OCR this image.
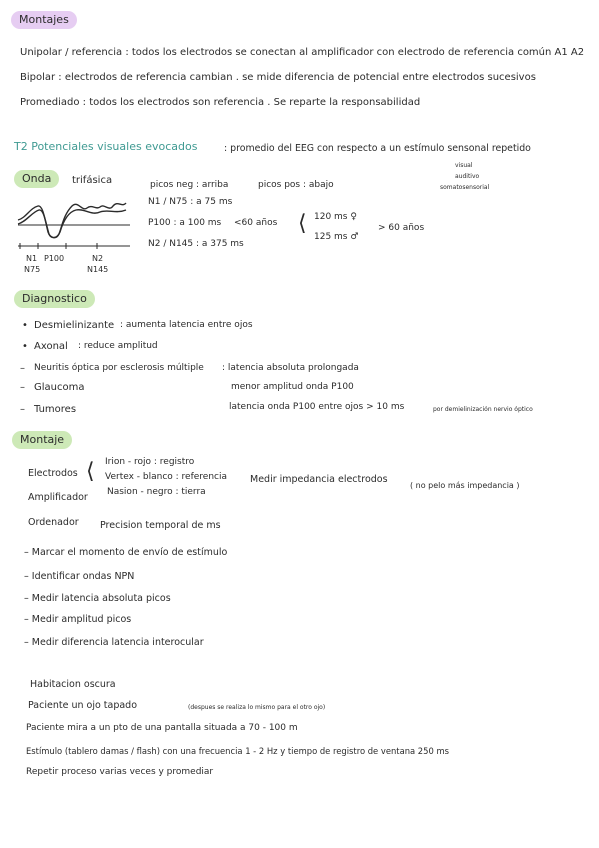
Montajes
Unipolar / referencia : todos los electrodos se conectan al amplificador con electrodo de referencia común A1 A2
Bipolar : electrodos de referencia cambian . se mide diferencia de potencial entre electrodos sucesivos
Promediado : todos los electrodos son referencia . Se reparte la responsabilidad
T2 Potenciales visuales evocados	: promedio del EEG con respecto a un estímulo sensonal repetido
visual
auditivo
somatosensorial
Onda	trifásica
N1 P100	N2
N75	N145
picos neg : arriba	picos pos : abajo
N1 / N75 : a 75 ms
P100 : a 100 ms <60 años ⟨ 120 ms ♀
125 ms ♂
> 60 años
N2 / N145 : a 375 ms
Diagnostico
• Desmielinizante : aumenta latencia entre ojos
• Axonal : reduce amplitud
– Neuritis óptica por esclerosis múltiple : latencia absoluta prolongada
– Glaucoma	menor amplitud onda P100
– Tumores	latencia onda P100 entre ojos > 10 ms	por demielinización nervio óptico
Montaje
Electrodos ⟨ Irion - rojo : registro
Vertex - blanco : referencia
Nasion - negro : tierra
Medir impedancia electrodos
( no pelo más impedancia )
Amplificador
Ordenador Precision temporal de ms
– Marcar el momento de envío de estímulo
– Identificar ondas NPN
– Medir latencia absoluta picos
– Medir amplitud picos
– Medir diferencia latencia interocular
Habitacion oscura
Paciente un ojo tapado	(despues se realiza lo mismo para el otro ojo)
Paciente mira a un pto de una pantalla situada a 70 - 100 m
Estímulo (tablero damas / flash) con una frecuencia 1 - 2 Hz y tiempo de registro de ventana 250 ms
Repetir proceso varias veces y promediar
